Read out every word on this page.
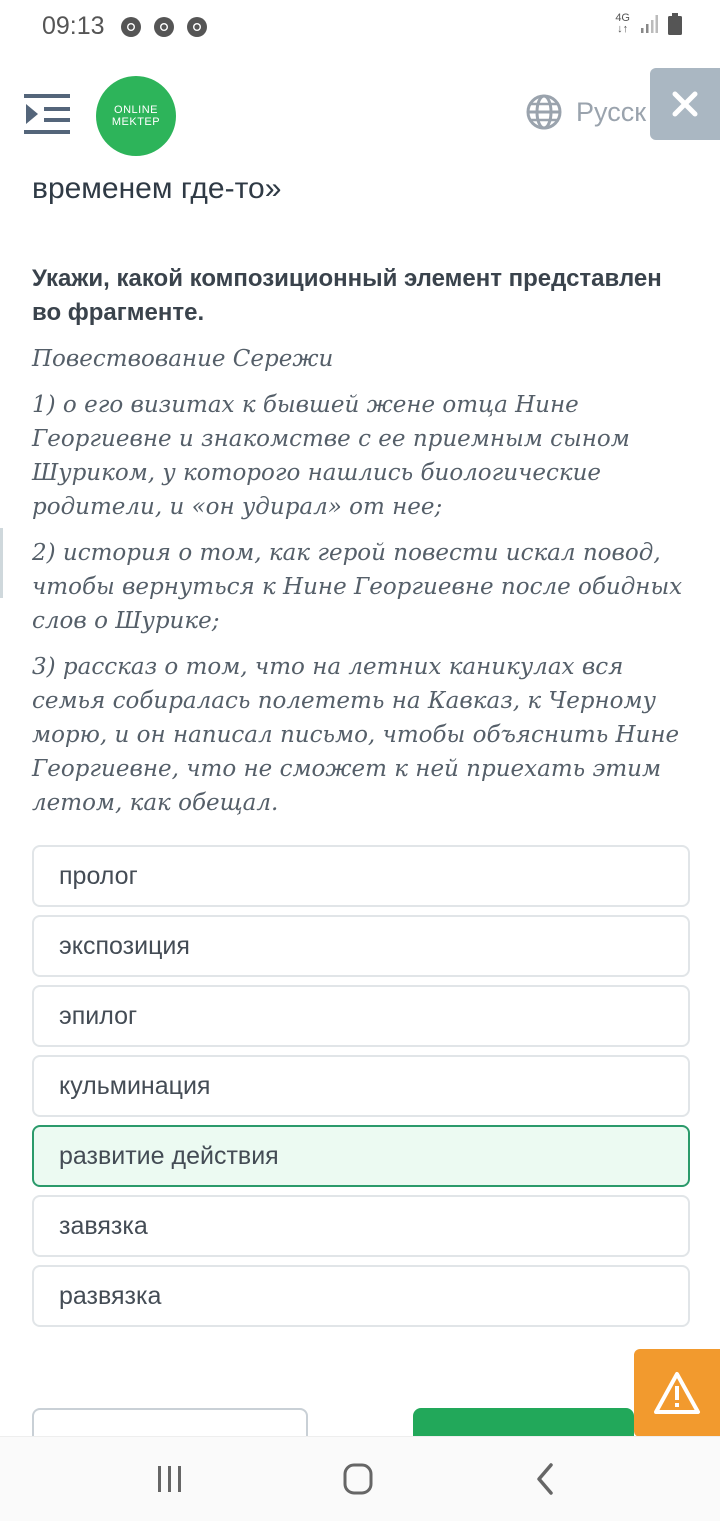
09:13	4G
↓↑
ONLINE
MEKTEP	Русск

временем где-то»

Укажи, какой композиционный элемент представлен во фрагменте.

Повествование Сережи

1) о его визитах к бывшей жене отца Нине Георгиевне и знакомстве с ее приемным сыном Шуриком, у которого нашлись биологические родители, и «он удирал» от нее;

2) история о том, как герой повести искал повод, чтобы вернуться к Нине Георгиевне после обидных слов о Шурике;

3) рассказ о том, что на летних каникулах вся семья собиралась полететь на Кавказ, к Черному морю, и он написал письмо, чтобы объяснить Нине Георгиевне, что не сможет к ней приехать этим летом, как обещал.

пролог
экспозиция
эпилог
кульминация
развитие действия
завязка
развязка
